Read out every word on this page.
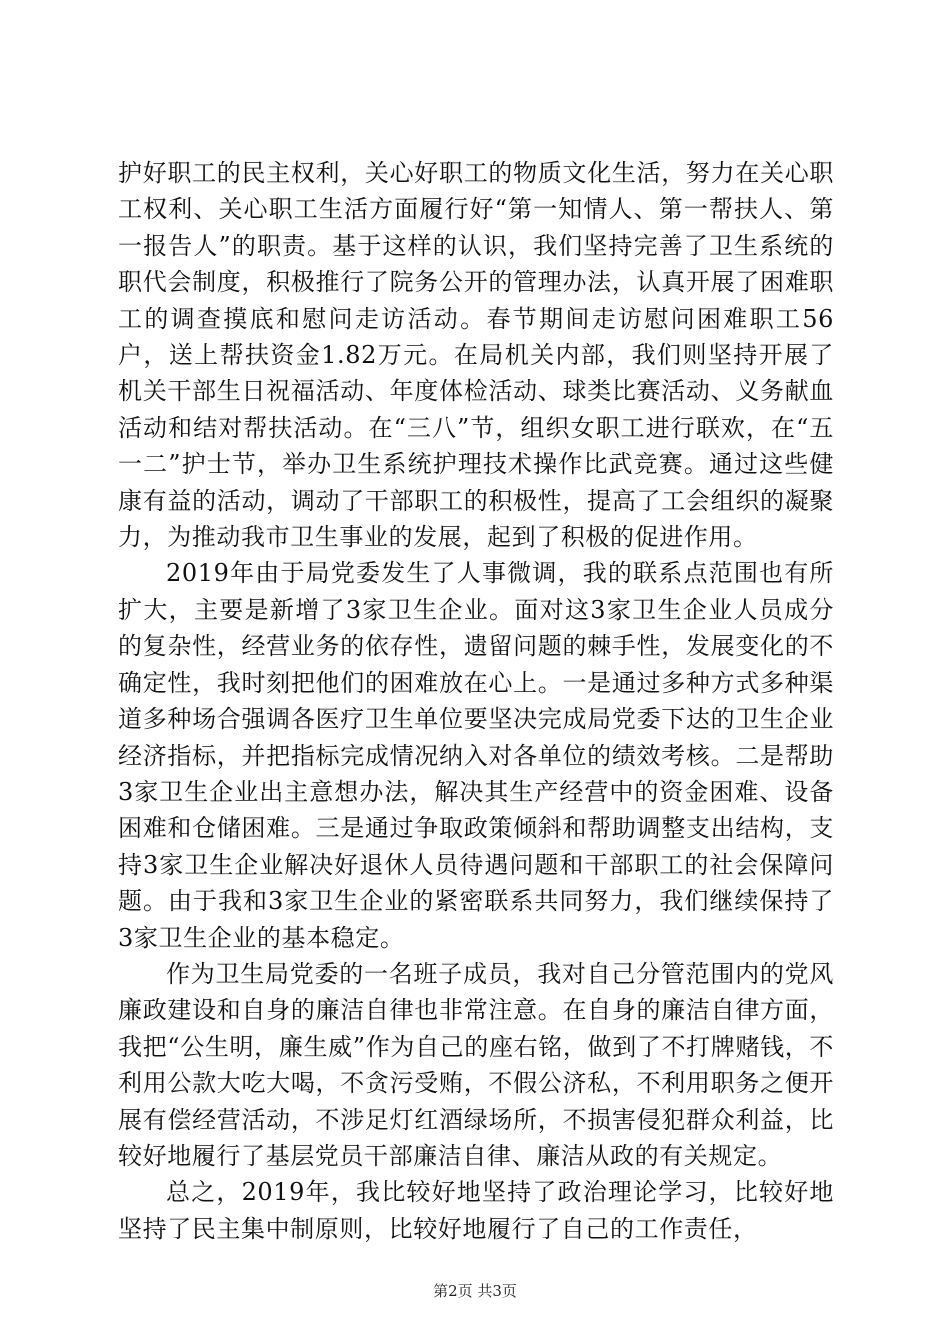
护好职工的民主权利，关心好职工的物质文化生活，努力在关心职工权利、关心职工生活方面履行好“第一知情人、第一帮扶人、第一报告人”的职责。基于这样的认识，我们坚持完善了卫生系统的职代会制度，积极推行了院务公开的管理办法，认真开展了困难职工的调查摸底和慰问走访活动。春节期间走访慰问困难职工56户，送上帮扶资金1.82万元。在局机关内部，我们则坚持开展了机关干部生日祝福活动、年度体检活动、球类比赛活动、义务献血活动和结对帮扶活动。在“三八”节，组织女职工进行联欢，在“五一二”护士节，举办卫生系统护理技术操作比武竞赛。通过这些健康有益的活动，调动了干部职工的积极性，提高了工会组织的凝聚力，为推动我市卫生事业的发展，起到了积极的促进作用。

2019年由于局党委发生了人事微调，我的联系点范围也有所扩大，主要是新增了3家卫生企业。面对这3家卫生企业人员成分的复杂性，经营业务的依存性，遗留问题的棘手性，发展变化的不确定性，我时刻把他们的困难放在心上。一是通过多种方式多种渠道多种场合强调各医疗卫生单位要坚决完成局党委下达的卫生企业经济指标，并把指标完成情况纳入对各单位的绩效考核。二是帮助3家卫生企业出主意想办法，解决其生产经营中的资金困难、设备困难和仓储困难。三是通过争取政策倾斜和帮助调整支出结构，支持3家卫生企业解决好退休人员待遇问题和干部职工的社会保障问题。由于我和3家卫生企业的紧密联系共同努力，我们继续保持了3家卫生企业的基本稳定。

作为卫生局党委的一名班子成员，我对自己分管范围内的党风廉政建设和自身的廉洁自律也非常注意。在自身的廉洁自律方面，我把“公生明，廉生威”作为自己的座右铭，做到了不打牌赌钱，不利用公款大吃大喝，不贪污受贿，不假公济私，不利用职务之便开展有偿经营活动，不涉足灯红酒绿场所，不损害侵犯群众利益，比较好地履行了基层党员干部廉洁自律、廉洁从政的有关规定。

总之，2019年，我比较好地坚持了政治理论学习，比较好地坚持了民主集中制原则，比较好地履行了自己的工作责任，

第2页 共3页
